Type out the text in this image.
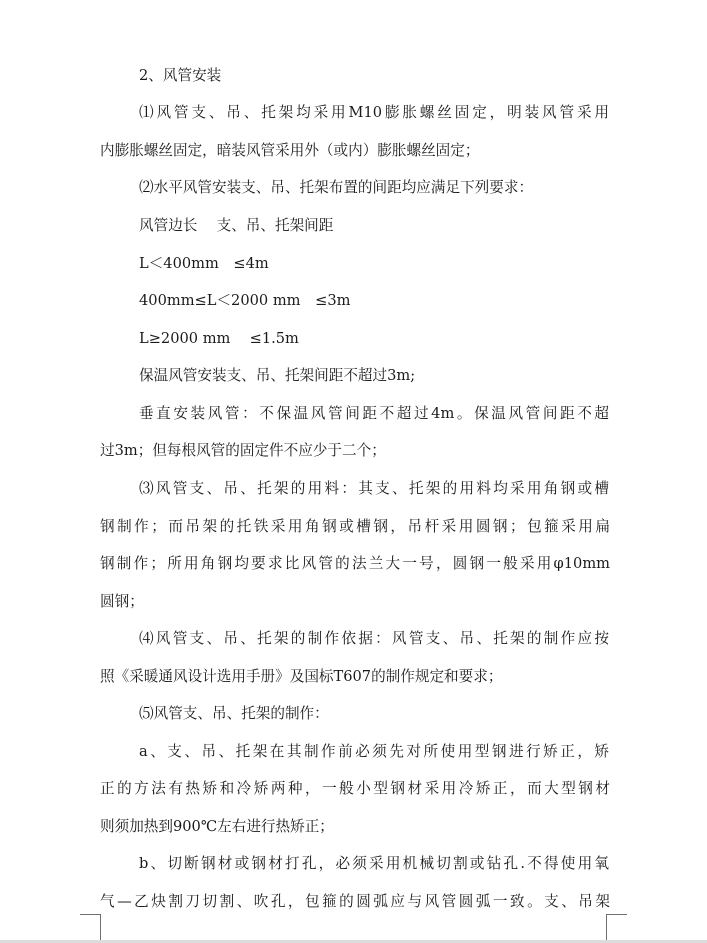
2、风管安装
⑴风管支、吊、托架均采用M10膨胀螺丝固定，明装风管采用
内膨胀螺丝固定，暗装风管采用外（或内）膨胀螺丝固定；
⑵水平风管安装支、吊、托架布置的间距均应满足下列要求：
风管边长　 支、吊、托架间距
L＜400mm　≤4m
400mm≤L＜2000 mm　≤3m
L≥2000 mm　 ≤1.5m
保温风管安装支、吊、托架间距不超过3m;
垂直安装风管：不保温风管间距不超过4m。保温风管间距不超
过3m；但每根风管的固定件不应少于二个；
⑶风管支、吊、托架的用料：其支、托架的用料均采用角钢或槽
钢制作；而吊架的托铁采用角钢或槽钢，吊杆采用圆钢；包箍采用扁
钢制作；所用角钢均要求比风管的法兰大一号，圆钢一般采用φ10mm
圆钢；
⑷风管支、吊、托架的制作依据：风管支、吊、托架的制作应按
照《采暖通风设计选用手册》及国标T607的制作规定和要求；
⑸风管支、吊、托架的制作：
a、支、吊、托架在其制作前必须先对所使用型钢进行矫正，矫
正的方法有热矫和冷矫两种，一般小型钢材采用冷矫正，而大型钢材
则须加热到900℃左右进行热矫正；
b、切断钢材或钢材打孔，必须采用机械切割或钻孔.不得使用氧
气—乙炔割刀切割、吹孔，包箍的圆弧应与风管圆弧一致。支、吊架
